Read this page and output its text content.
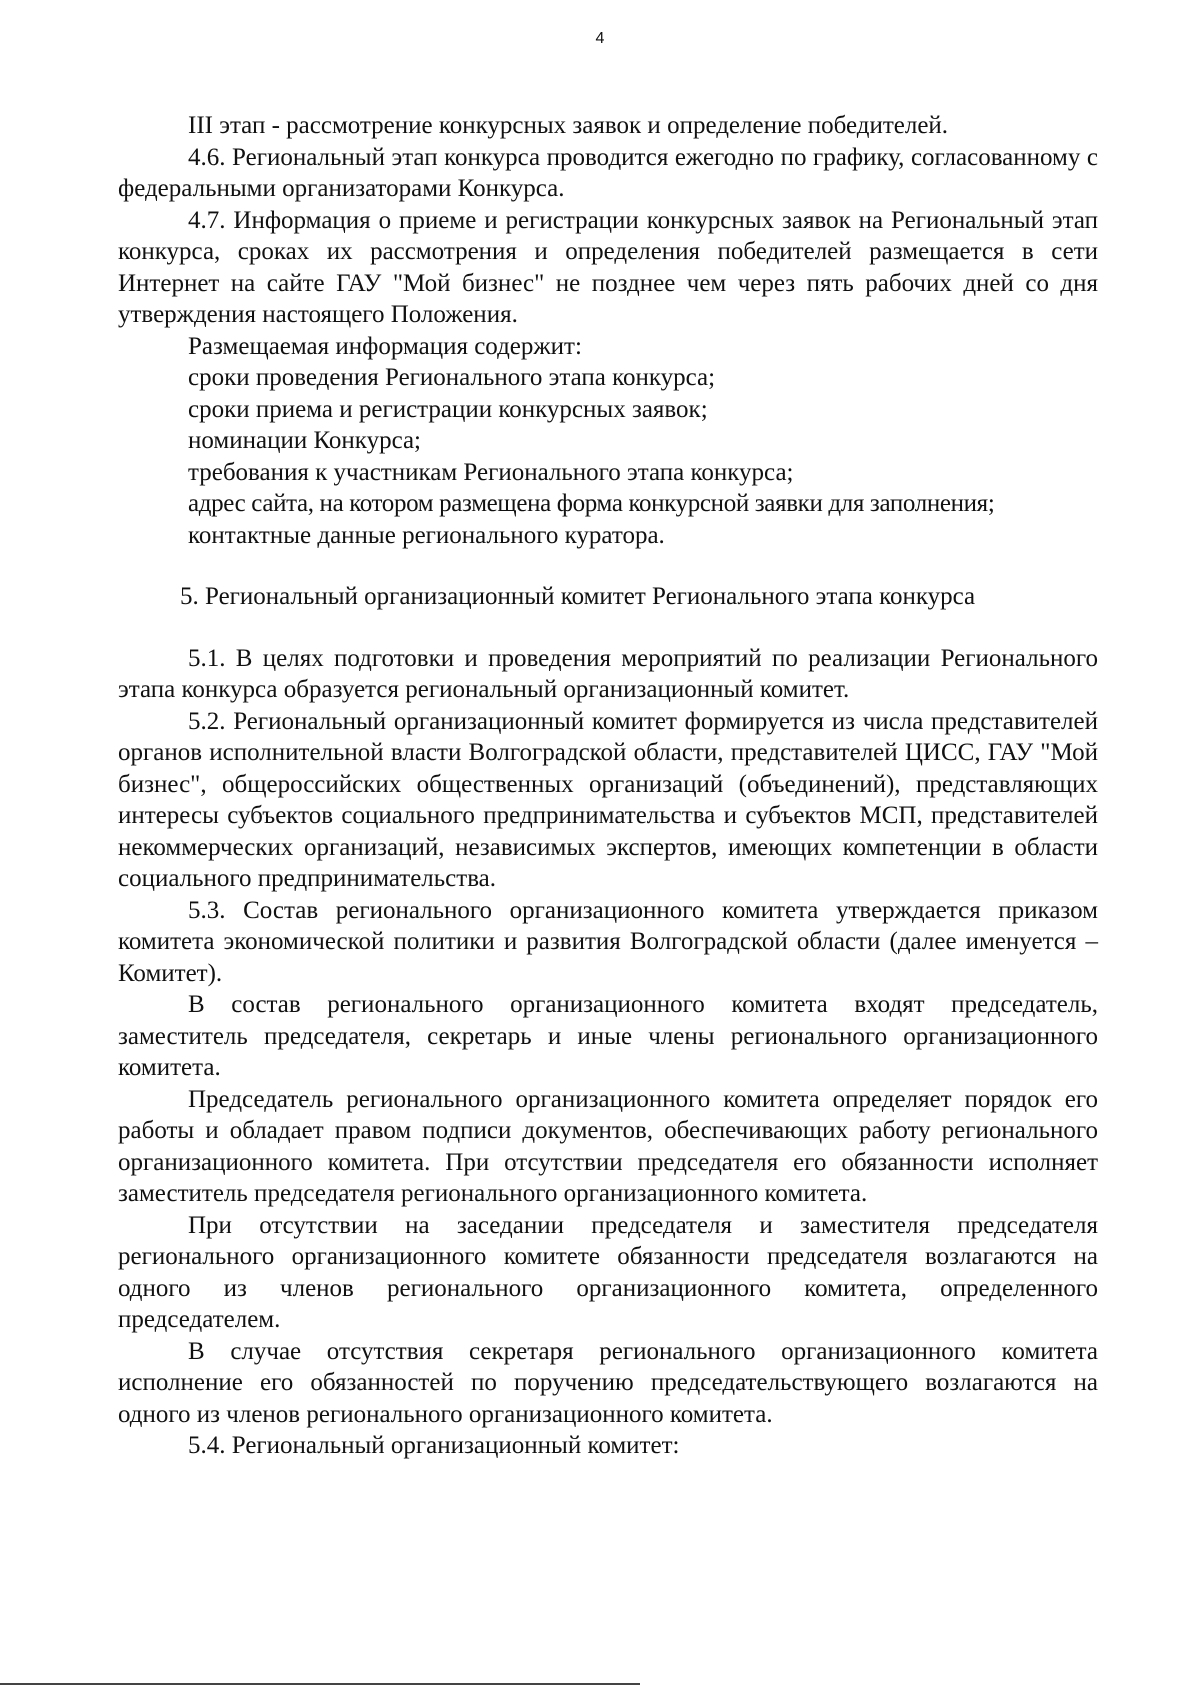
4

III этап - рассмотрение конкурсных заявок и определение победителей.

4.6. Региональный этап конкурса проводится ежегодно по графику, согласованному с федеральными организаторами Конкурса.

4.7. Информация о приеме и регистрации конкурсных заявок на Региональный этап конкурса, сроках их рассмотрения и определения победителей размещается в сети Интернет на сайте ГАУ "Мой бизнес" не позднее чем через пять рабочих дней со дня утверждения настоящего Положения.

Размещаемая информация содержит:

сроки проведения Регионального этапа конкурса;

сроки приема и регистрации конкурсных заявок;

номинации Конкурса;

требования к участникам Регионального этапа конкурса;

адрес сайта, на котором размещена форма конкурсной заявки для заполнения;

контактные данные регионального куратора.

5. Региональный организационный комитет Регионального этапа конкурса

5.1. В целях подготовки и проведения мероприятий по реализации Регионального этапа конкурса образуется региональный организационный комитет.

5.2. Региональный организационный комитет формируется из числа представителей органов исполнительной власти Волгоградской области, представителей ЦИСС, ГАУ "Мой бизнес", общероссийских общественных организаций (объединений), представляющих интересы субъектов социального предпринимательства и субъектов МСП, представителей некоммерческих организаций, независимых экспертов, имеющих компетенции в области социального предпринимательства.

5.3. Состав регионального организационного комитета утверждается приказом комитета экономической политики и развития Волгоградской области (далее именуется – Комитет).

В состав регионального организационного комитета входят председатель, заместитель председателя, секретарь и иные члены регионального организационного комитета.

Председатель регионального организационного комитета определяет порядок его работы и обладает правом подписи документов, обеспечивающих работу регионального организационного комитета. При отсутствии председателя его обязанности исполняет заместитель председателя регионального организационного комитета.

При отсутствии на заседании председателя и заместителя председателя регионального организационного комитете обязанности председателя возлагаются на одного из членов регионального организационного комитета, определенного председателем.

В случае отсутствия секретаря регионального организационного комитета исполнение его обязанностей по поручению председательствующего возлагаются на одного из членов регионального организационного комитета.

5.4. Региональный организационный комитет:
